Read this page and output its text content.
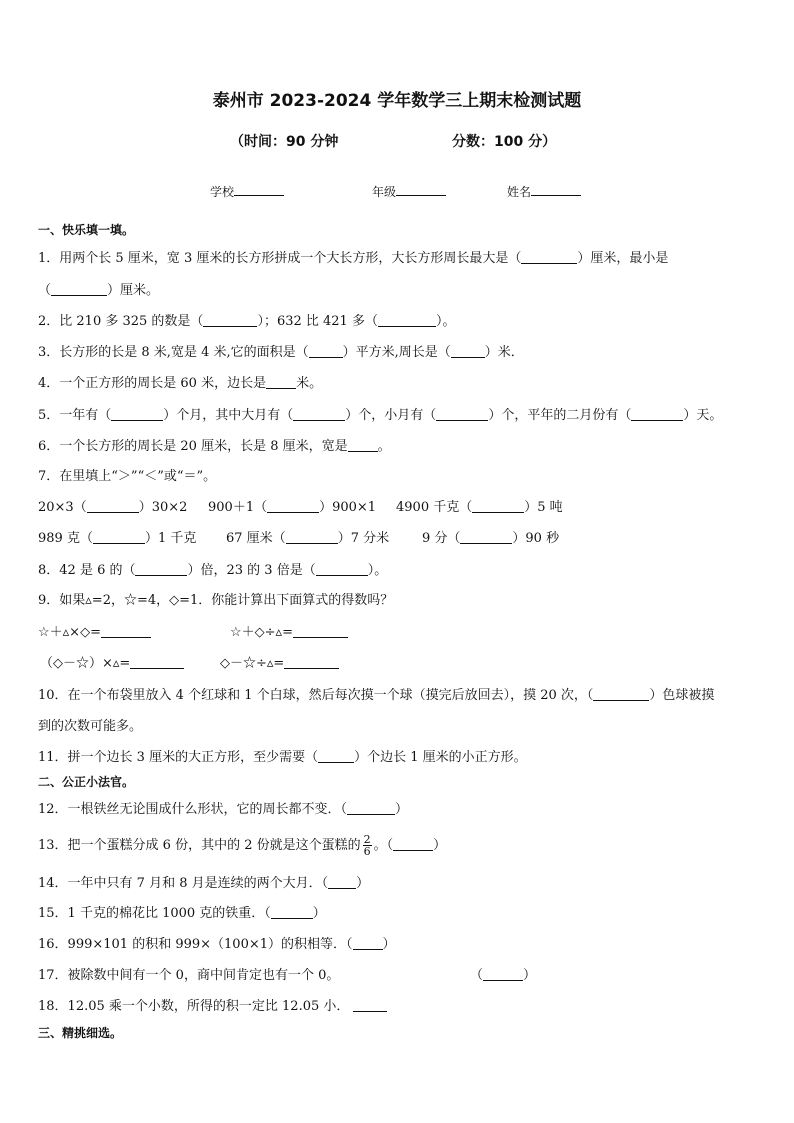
泰州市 2023-2024 学年数学三上期末检测试题
（时间：90 分钟	分数：100 分）
学校	年级	姓名
一、快乐填一填。
1．用两个长 5 厘米，宽 3 厘米的长方形拼成一个大长方形，大长方形周长最大是（	）厘米，最小是
（	）厘米。
2．比 210 多 325 的数是（	）；632 比 421 多（	）。
3．长方形的长是 8 米,宽是 4 米,它的面积是（	）平方米,周长是（	）米．
4．一个正方形的周长是 60 米，边长是 米。
5．一年有（	）个月，其中大月有（	）个，小月有（	）个，平年的二月份有（	）天。
6．一个长方形的周长是 20 厘米，长是 8 厘米，宽是 。
7．在里填上“＞”“＜”或“＝”。
20×3（	）30×2 900＋1（	）900×1 4900 千克（	）5 吨
989 克（	）1 千克 67 厘米（	）7 分米	9 分（	）90 秒
8．42 是 6 的（	）倍，23 的 3 倍是（	）。
9．如果▵=2，☆=4，◇=1．你能计算出下面算式的得数吗？
☆＋▵×◇=	☆＋◇÷▵=
（◇－☆）×▵=	◇－☆÷▵=
10．在一个布袋里放入 4 个红球和 1 个白球，然后每次摸一个球（摸完后放回去），摸 20 次，（	）色球被摸
到的次数可能多。
11．拼一个边长 3 厘米的大正方形，至少需要（	）个边长 1 厘米的小正方形。
二、公正小法官。
12．一根铁丝无论围成什么形状，它的周长都不变．（	）
13．把一个蛋糕分成 6 份，其中的 2 份就是这个蛋糕的 $\frac{2}{6}$ 。（	）
14．一年中只有 7 月和 8 月是连续的两个大月．（ ）
15．1 千克的棉花比 1000 克的铁重．（	）
16．999×101 的积和 999×（100×1）的积相等．（ ）
17．被除数中间有一个 0，商中间肯定也有一个 0。	（	）
18．12.05 乘一个小数，所得的积一定比 12.05 小．
三、精挑细选。
